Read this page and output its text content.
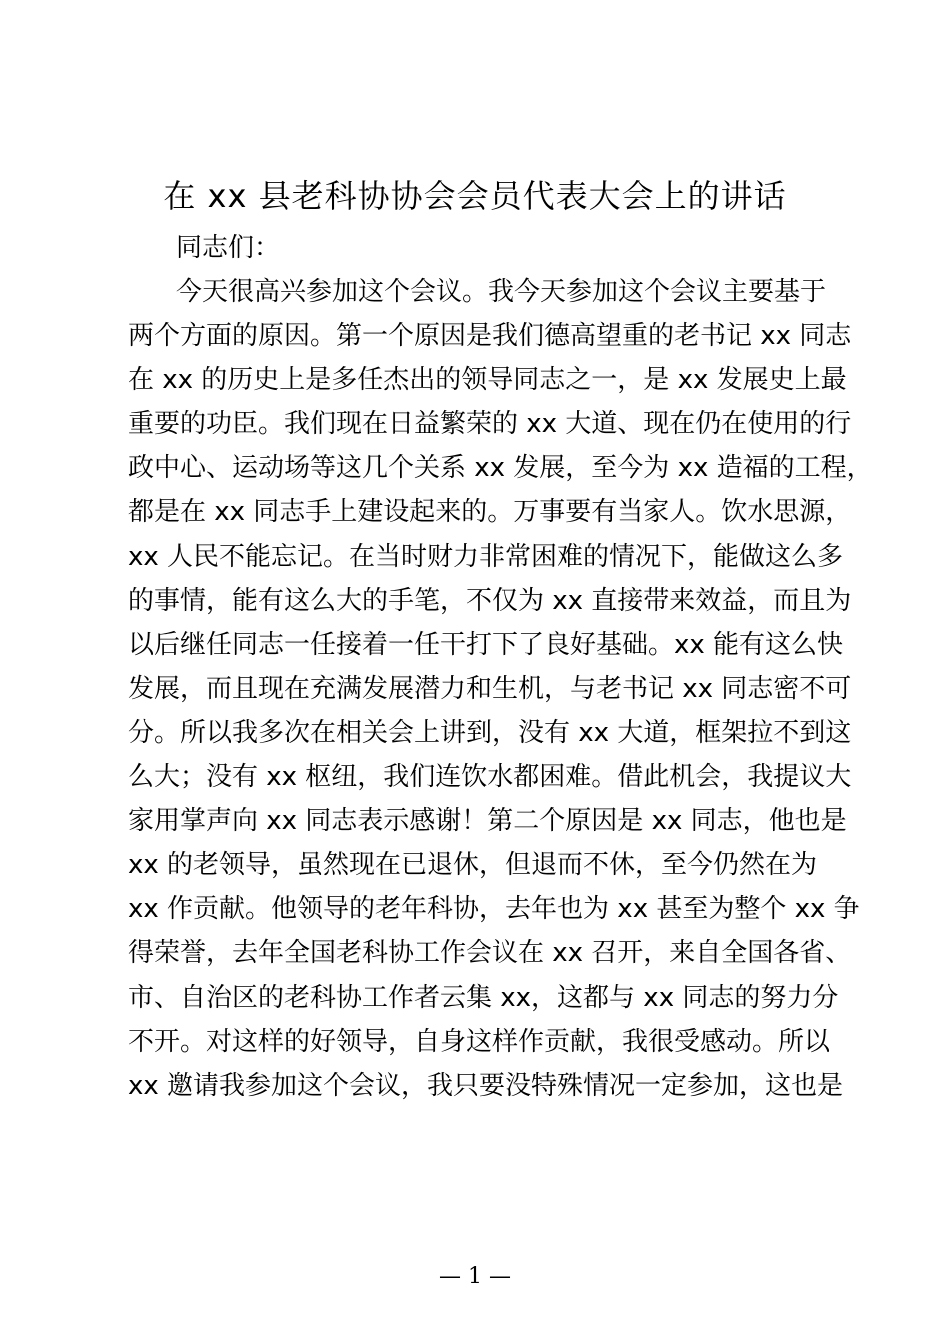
在 xx 县老科协协会会员代表大会上的讲话
同志们：
今天很高兴参加这个会议。我今天参加这个会议主要基于
两个方面的原因。第一个原因是我们德高望重的老书记 xx 同志
在 xx 的历史上是多任杰出的领导同志之一，是 xx 发展史上最
重要的功臣。我们现在日益繁荣的 xx 大道、现在仍在使用的行
政中心、运动场等这几个关系 xx 发展，至今为 xx 造福的工程，
都是在 xx 同志手上建设起来的。万事要有当家人。饮水思源，
xx 人民不能忘记。在当时财力非常困难的情况下，能做这么多
的事情，能有这么大的手笔，不仅为 xx 直接带来效益，而且为
以后继任同志一任接着一任干打下了良好基础。xx 能有这么快
发展，而且现在充满发展潜力和生机，与老书记 xx 同志密不可
分。所以我多次在相关会上讲到，没有 xx 大道，框架拉不到这
么大；没有 xx 枢纽，我们连饮水都困难。借此机会，我提议大
家用掌声向 xx 同志表示感谢！第二个原因是 xx 同志，他也是
xx 的老领导，虽然现在已退休，但退而不休，至今仍然在为
xx 作贡献。他领导的老年科协，去年也为 xx 甚至为整个 xx 争
得荣誉，去年全国老科协工作会议在 xx 召开，来自全国各省、
市、自治区的老科协工作者云集 xx，这都与 xx 同志的努力分
不开。对这样的好领导，自身这样作贡献，我很受感动。所以
xx 邀请我参加这个会议，我只要没特殊情况一定参加，这也是
— 1 —
